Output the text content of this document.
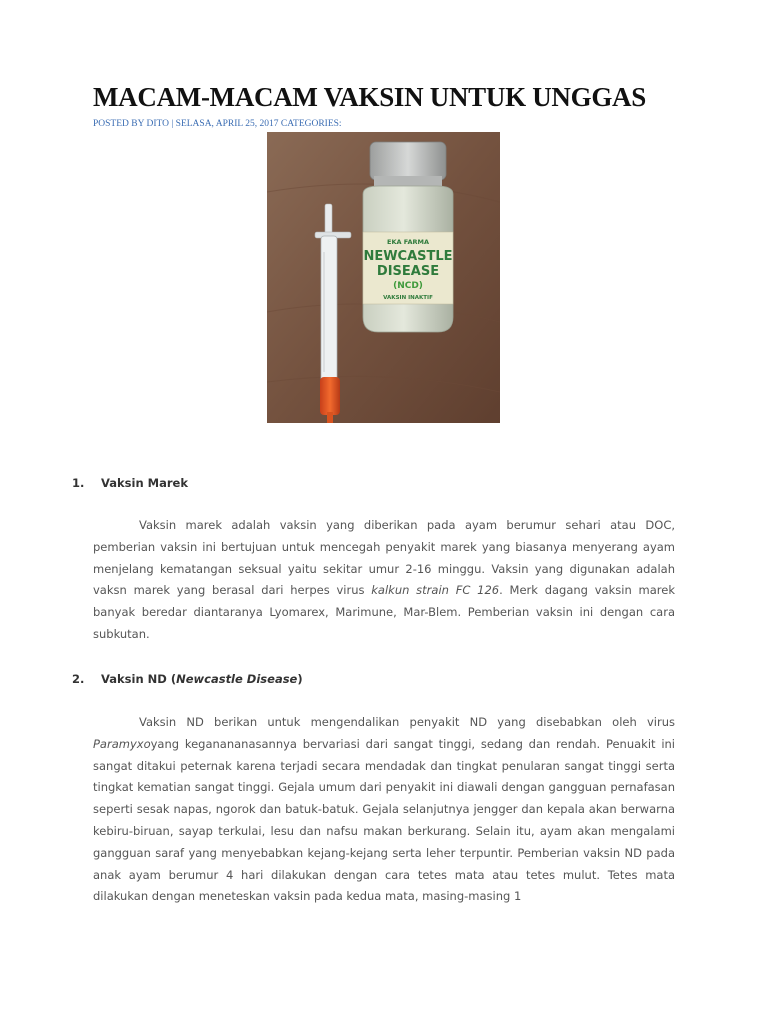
MACAM-MACAM VAKSIN UNTUK UNGGAS
POSTED BY DITO | SELASA, APRIL 25, 2017 CATEGORIES:
EKA FARMA
NEWCASTLE
DISEASE
(NCD)
VAKSIN INAKTIF
1. Vaksin Marek

Vaksin marek adalah vaksin yang diberikan pada ayam berumur sehari atau DOC, pemberian vaksin ini bertujuan untuk mencegah penyakit marek yang biasanya menyerang ayam menjelang kematangan seksual yaitu sekitar umur 2-16 minggu. Vaksin yang digunakan adalah vaksn marek yang berasal dari herpes virus kalkun strain FC 126. Merk dagang vaksin marek banyak beredar diantaranya Lyomarex, Marimune, Mar-Blem. Pemberian vaksin ini dengan cara subkutan.

2. Vaksin ND (Newcastle Disease)

Vaksin ND berikan untuk mengendalikan penyakit ND yang disebabkan oleh virus Paramyxoyang keganananasannya bervariasi dari sangat tinggi, sedang dan rendah. Penuakit ini sangat ditakui peternak karena terjadi secara mendadak dan tingkat penularan sangat tinggi serta tingkat kematian sangat tinggi. Gejala umum dari penyakit ini diawali dengan gangguan pernafasan seperti sesak napas, ngorok dan batuk-batuk. Gejala selanjutnya jengger dan kepala akan berwarna kebiru-biruan, sayap terkulai, lesu dan nafsu makan berkurang. Selain itu, ayam akan mengalami gangguan saraf yang menyebabkan kejang-kejang serta leher terpuntir. Pemberian vaksin ND pada anak ayam berumur 4 hari dilakukan dengan cara tetes mata atau tetes mulut. Tetes mata dilakukan dengan meneteskan vaksin pada kedua mata, masing-masing 1
